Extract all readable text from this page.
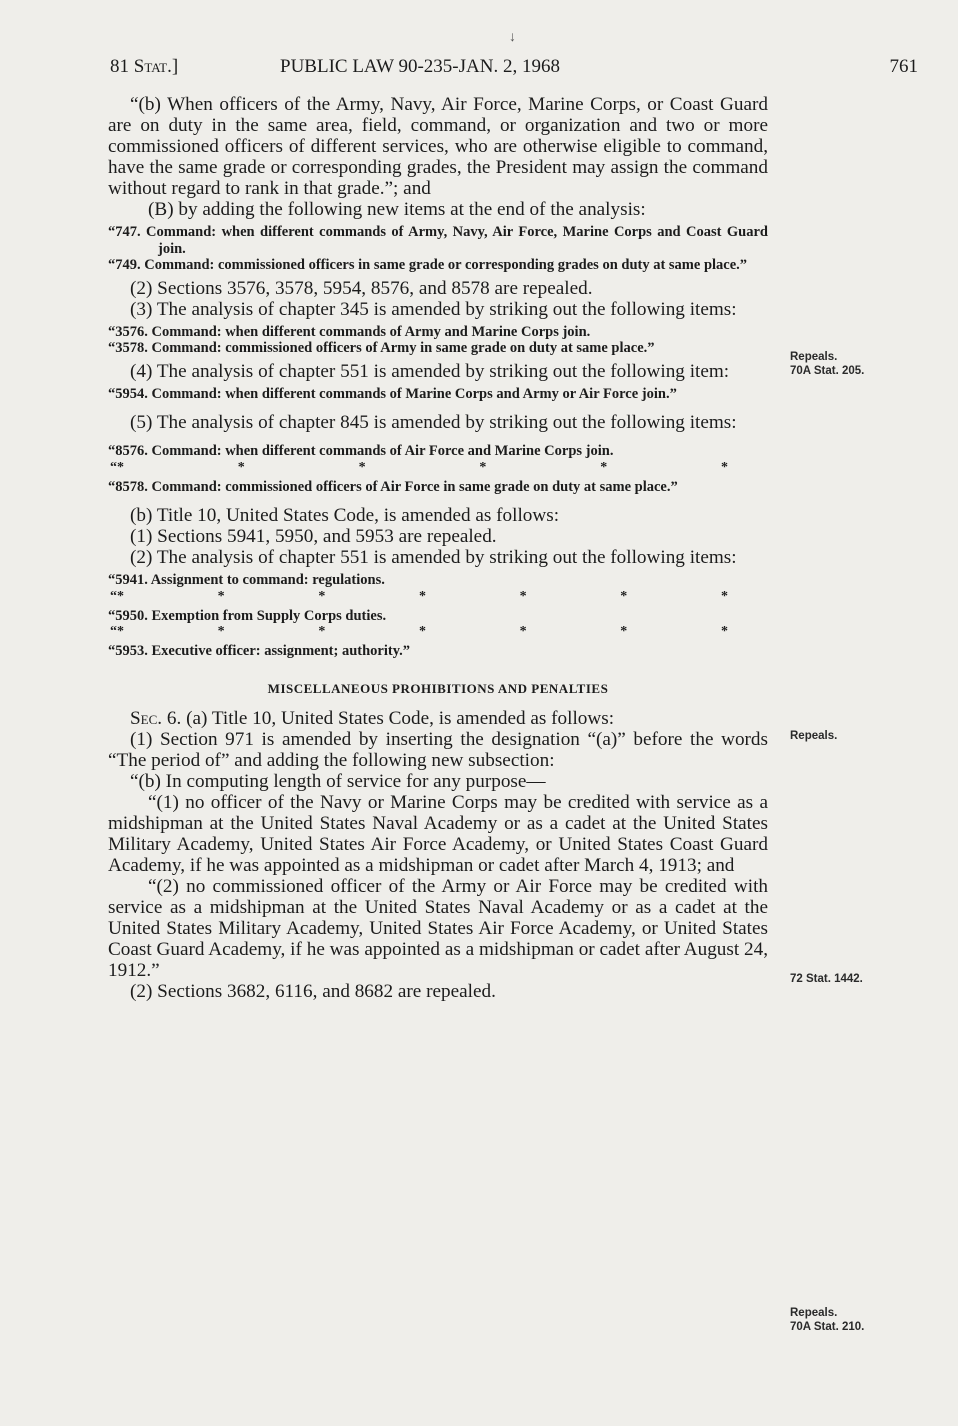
↓
81 Stat.]	PUBLIC LAW 90-235-JAN. 2, 1968	761

“(b) When officers of the Army, Navy, Air Force, Marine Corps, or Coast Guard are on duty in the same area, field, command, or organization and two or more commissioned officers of different services, who are otherwise eligible to command, have the same grade or corresponding grades, the President may assign the command without regard to rank in that grade.”; and

(B) by adding the following new items at the end of the analysis:

“747. Command: when different commands of Army, Navy, Air Force, Marine Corps and Coast Guard join.

“749. Command: commissioned officers in same grade or corresponding grades on duty at same place.”

(2) Sections 3576, 3578, 5954, 8576, and 8578 are repealed.

(3) The analysis of chapter 345 is amended by striking out the following items:

“3576. Command: when different commands of Army and Marine Corps join.

“3578. Command: commissioned officers of Army in same grade on duty at same place.”

(4) The analysis of chapter 551 is amended by striking out the following item:

“5954. Command: when different commands of Marine Corps and Army or Air Force join.”

(5) The analysis of chapter 845 is amended by striking out the following items:

“8576. Command: when different commands of Air Force and Marine Corps join.

“*	*	*	*	*	*

“8578. Command: commissioned officers of Air Force in same grade on duty at same place.”

(b) Title 10, United States Code, is amended as follows:

(1) Sections 5941, 5950, and 5953 are repealed.

(2) The analysis of chapter 551 is amended by striking out the following items:

“5941. Assignment to command: regulations.

“*	*	*	*	*	*	*

“5950. Exemption from Supply Corps duties.

“*	*	*	*	*	*	*

“5953. Executive officer: assignment; authority.”

MISCELLANEOUS PROHIBITIONS AND PENALTIES

Sec. 6. (a) Title 10, United States Code, is amended as follows:

(1) Section 971 is amended by inserting the designation “(a)” before the words “The period of” and adding the following new subsection:

“(b) In computing length of service for any purpose—

“(1) no officer of the Navy or Marine Corps may be credited with service as a midshipman at the United States Naval Academy or as a cadet at the United States Military Academy, United States Air Force Academy, or United States Coast Guard Academy, if he was appointed as a midshipman or cadet after March 4, 1913; and

“(2) no commissioned officer of the Army or Air Force may be credited with service as a midshipman at the United States Naval Academy or as a cadet at the United States Military Academy, United States Air Force Academy, or United States Coast Guard Academy, if he was appointed as a midshipman or cadet after August 24, 1912.”

(2) Sections 3682, 6116, and 8682 are repealed.

Repeals.
70A Stat. 205.
Repeals.
72 Stat. 1442.
Repeals.
70A Stat. 210.
